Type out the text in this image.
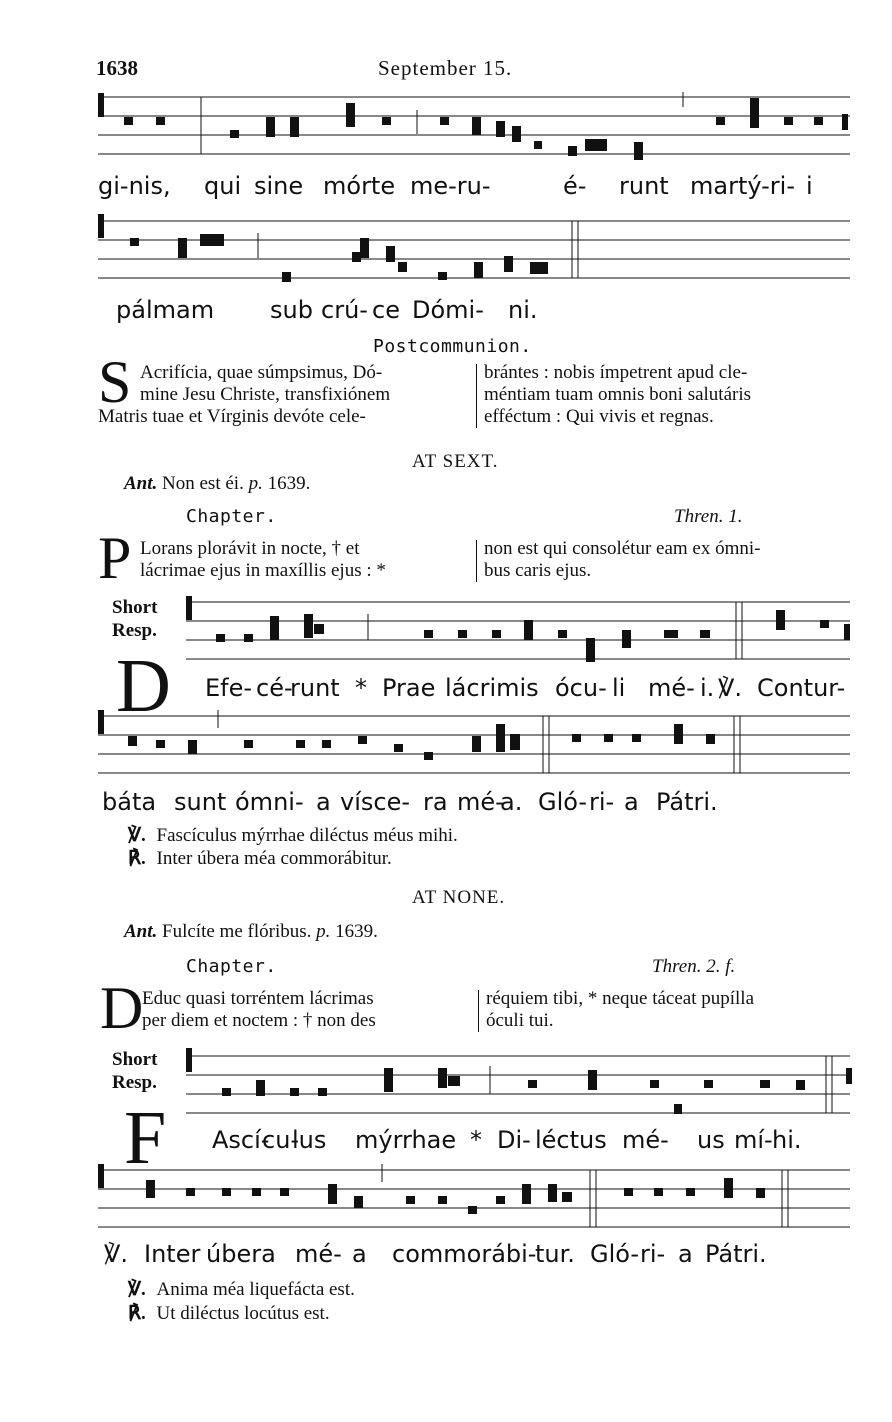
1638	September 15.
gi-nis, qui sine mórte me-ru-	é- runt martý-ri- i
pálmam sub crú- ce Dómi- ni.
Postcommunion.
S Acrifícia, quae súmpsimus, Dó-
mine Jesu Christe, transfixiónem
Matris tuae et Vírginis devóte cele-
brántes : nobis ímpetrent apud cle-
méntiam tuam omnis boni salutáris
efféctum : Qui vivis et regnas.
AT SEXT.
Ant. Non est éi. p. 1639.
Chapter.	Thren. 1.
P Lorans plorávit in nocte, † et
lácrimae ejus in maxíllis ejus : *
non est qui consolétur eam ex ómni-
bus caris ejus.
Short
Resp.
D Efe- cé-
runt * Prae lácrimis ócu- li mé- i. ℣. Contur-
báta sunt ómni- a vísce- ra mé-
a. Gló- ri- a Pátri.
℣. Fascículus mýrrhae diléctus méus mihi.
℟. Inter úbera méa commorábitur.
AT NONE.
Ant. Fulcíte me flóribus. p. 1639.
Chapter.	Thren. 2. f.
D
Educ quasi torréntem lácrimas
per diem et noctem : † non des
réquiem tibi, * neque táceat pupílla
óculi tui.
Short
Resp.
F Ascí-
cu-
lus mýrrhae * Di- léctus mé- us mí- hi.
℣. Inter úbera mé- a commorábi-
tur. Gló- ri- a Pátri.
℣. Anima méa liquefácta est.
℟. Ut diléctus locútus est.
